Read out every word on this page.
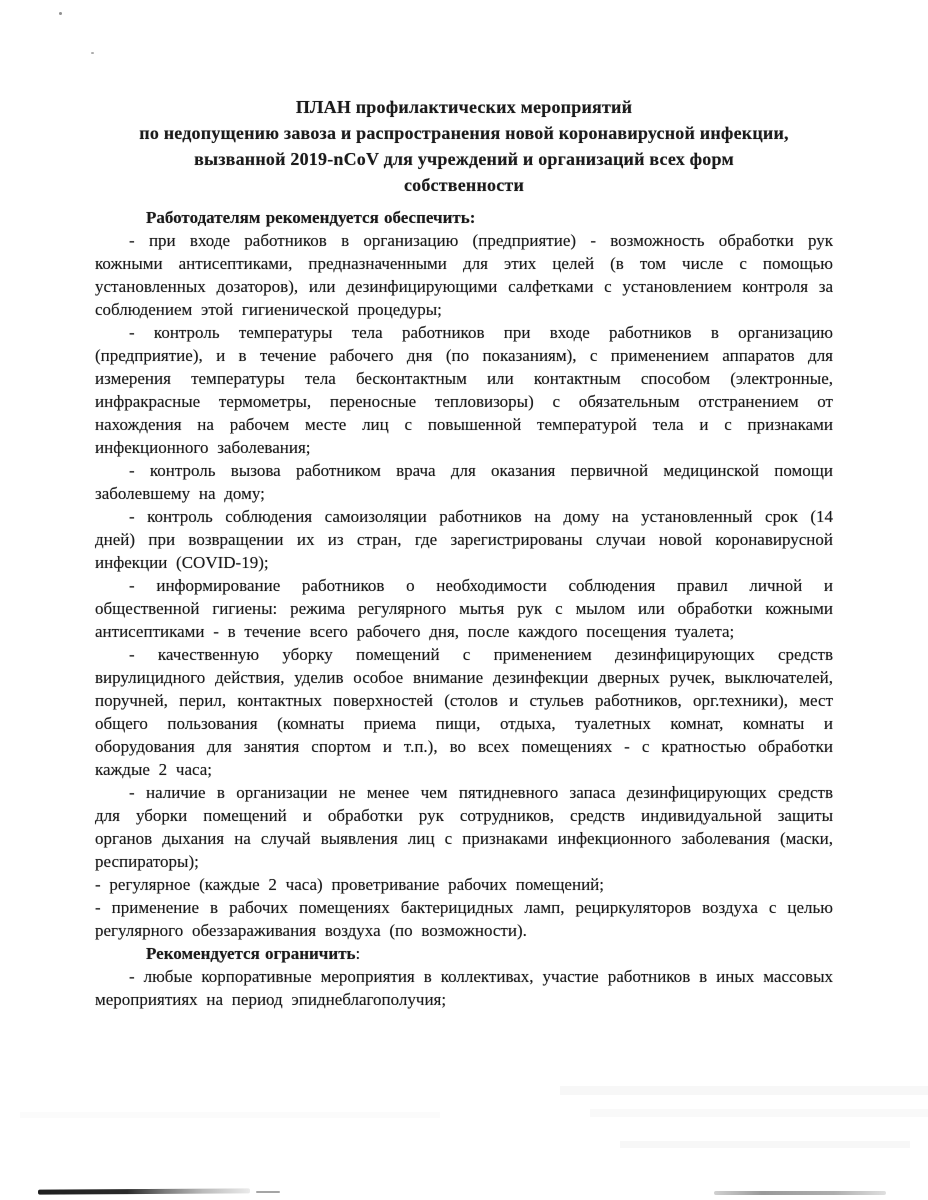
ПЛАН профилактических мероприятий
по недопущению завоза и распространения новой коронавирусной инфекции,
вызванной 2019-nCoV для учреждений и организаций всех форм
собственности

Работодателям рекомендуется обеспечить:

- при входе работников в организацию (предприятие) - возможность обработки рук кожными антисептиками, предназначенными для этих целей (в том числе с помощью установленных дозаторов), или дезинфицирующими салфетками с установлением контроля за соблюдением этой гигиенической процедуры;

- контроль температуры тела работников при входе работников в организацию (предприятие), и в течение рабочего дня (по показаниям), с применением аппаратов для измерения температуры тела бесконтактным или контактным способом (электронные, инфракрасные термометры, переносные тепловизоры) с обязательным отстранением от нахождения на рабочем месте лиц с повышенной температурой тела и с признаками инфекционного заболевания;

- контроль вызова работником врача для оказания первичной медицинской помощи заболевшему на дому;

- контроль соблюдения самоизоляции работников на дому на установленный срок (14 дней) при возвращении их из стран, где зарегистрированы случаи новой коронавирусной инфекции (COVID-19);

- информирование работников о необходимости соблюдения правил личной и общественной гигиены: режима регулярного мытья рук с мылом или обработки кожными антисептиками - в течение всего рабочего дня, после каждого посещения туалета;

- качественную уборку помещений с применением дезинфицирующих средств вирулицидного действия, уделив особое внимание дезинфекции дверных ручек, выключателей, поручней, перил, контактных поверхностей (столов и стульев работников, орг.техники), мест общего пользования (комнаты приема пищи, отдыха, туалетных комнат, комнаты и оборудования для занятия спортом и т.п.), во всех помещениях - с кратностью обработки каждые 2 часа;

- наличие в организации не менее чем пятидневного запаса дезинфицирующих средств для уборки помещений и обработки рук сотрудников, средств индивидуальной защиты органов дыхания на случай выявления лиц с признаками инфекционного заболевания (маски, респираторы);

- регулярное (каждые 2 часа) проветривание рабочих помещений;

- применение в рабочих помещениях бактерицидных ламп, рециркуляторов воздуха с целью регулярного обеззараживания воздуха (по возможности).

Рекомендуется ограничить:

- любые корпоративные мероприятия в коллективах, участие работников в иных массовых мероприятиях на период эпиднеблагополучия;
